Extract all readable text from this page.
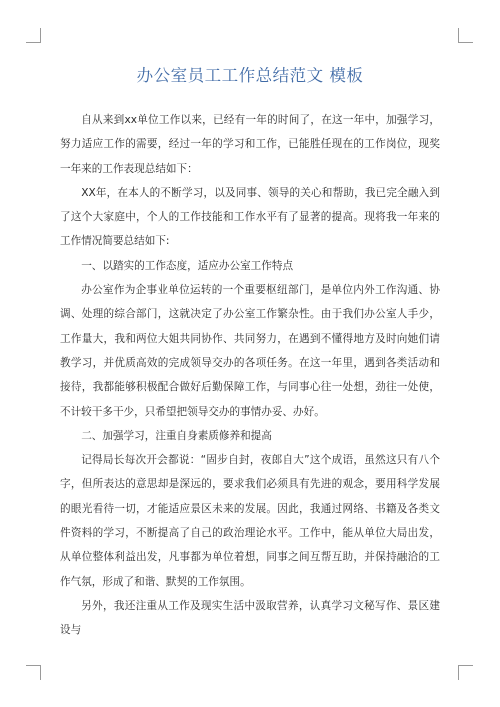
办公室员工工作总结范文 模板

自从来到xx单位工作以来，已经有一年的时间了，在这一年中，加强学习，努力适应工作的需要，经过一年的学习和工作，已能胜任现在的工作岗位，现奖一年来的工作表现总结如下：

XX年，在本人的不断学习，以及同事、领导的关心和帮助，我已完全融入到了这个大家庭中，个人的工作技能和工作水平有了显著的提高。现将我一年来的工作情况简要总结如下:

一、以踏实的工作态度，适应办公室工作特点

办公室作为企事业单位运转的一个重要枢纽部门，是单位内外工作沟通、协调、处理的综合部门，这就决定了办公室工作繁杂性。由于我们办公室人手少，工作量大，我和两位大姐共同协作、共同努力，在遇到不懂得地方及时向她们请教学习，并优质高效的完成领导交办的各项任务。在这一年里，遇到各类活动和接待，我都能够积极配合做好后勤保障工作，与同事心往一处想，劲往一处使，不计较干多干少，只希望把领导交办的事情办妥、办好。

二、加强学习，注重自身素质修养和提高

记得局长每次开会都说：“固步自封，夜郎自大”这个成语，虽然这只有八个字，但所表达的意思却是深远的，要求我们必须具有先进的观念，要用科学发展的眼光看待一切，才能适应景区未来的发展。因此，我通过网络、书籍及各类文件资料的学习，不断提高了自己的政治理论水平。工作中，能从单位大局出发，从单位整体利益出发，凡事都为单位着想，同事之间互帮互助，并保持融洽的工作气氛，形成了和谐、默契的工作氛围。

另外，我还注重从工作及现实生活中汲取营养，认真学习文秘写作、景区建设与
